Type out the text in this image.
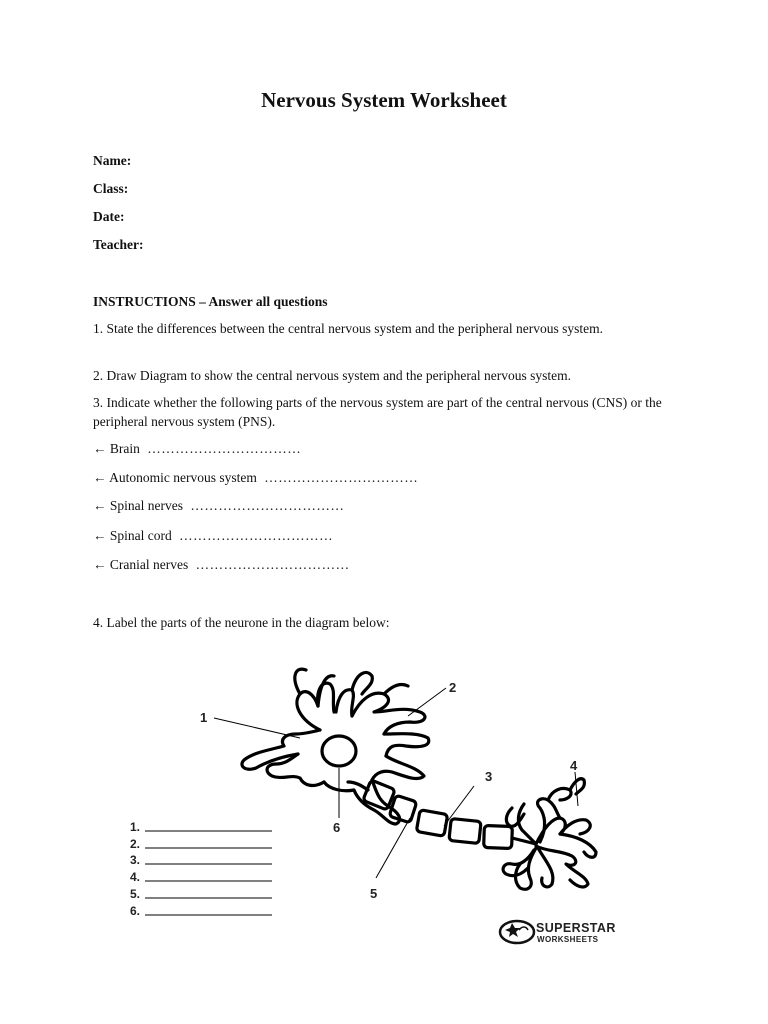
Nervous System Worksheet
Name:
Class:
Date:
Teacher:
INSTRUCTIONS – Answer all questions
1. State the differences between the central nervous system and the peripheral nervous system.
2. Draw Diagram to show the central nervous system and the peripheral nervous system.
3. Indicate whether the following parts of the nervous system are part of the central nervous (CNS) or the peripheral nervous system (PNS).
← Brain ……………………………
← Autonomic nervous system ……………………………
← Spinal nerves ……………………………
← Spinal cord ……………………………
← Cranial nerves ……………………………
4. Label the parts of the neurone in the diagram below:
1
2
3
4
5
6
1.
2.
3.
4.
5.
6.
SUPERSTAR
WORKSHEETS
